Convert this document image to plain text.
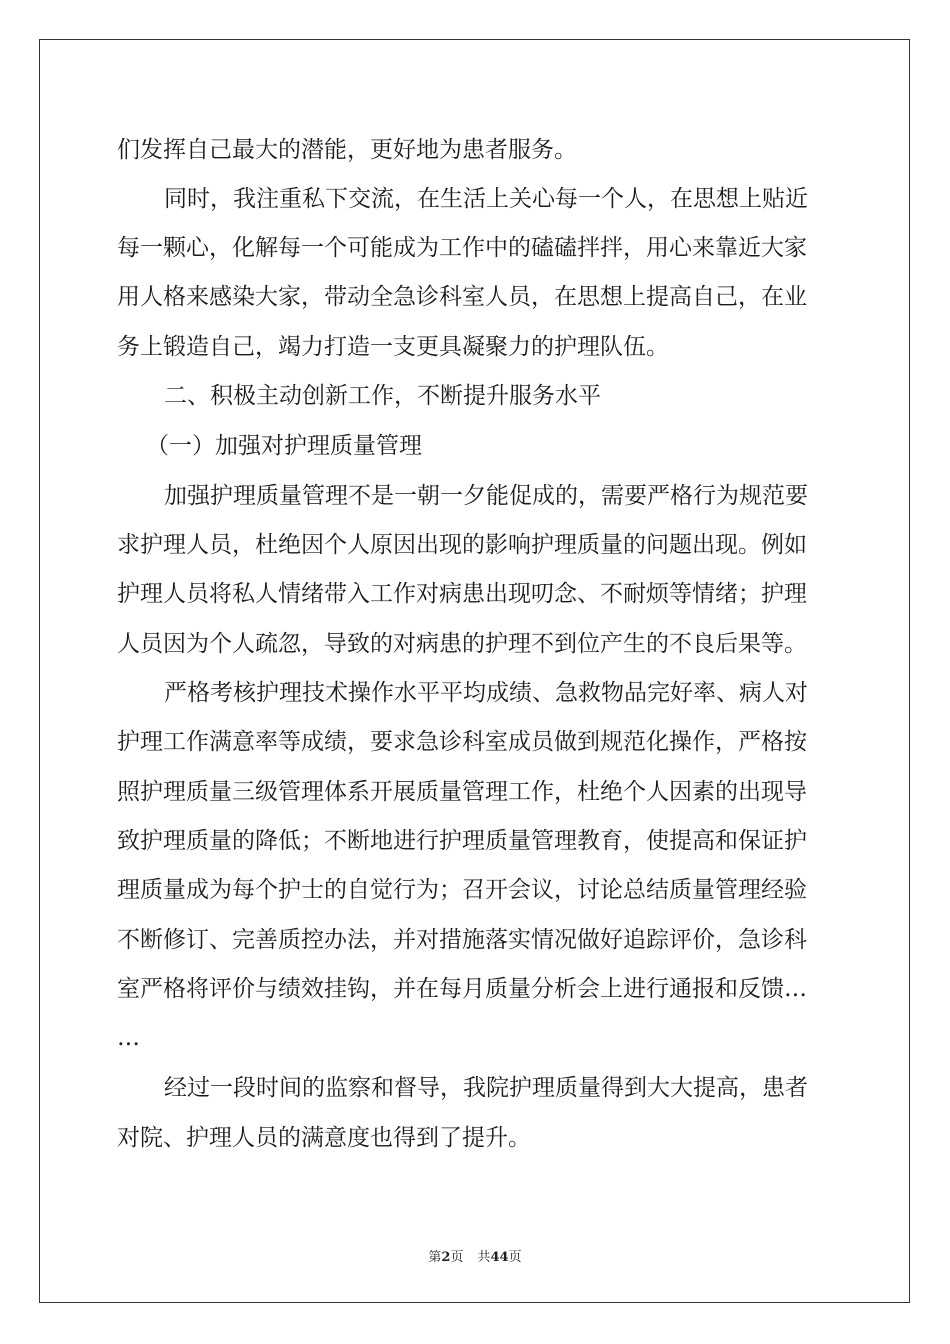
们发挥自己最大的潜能，更好地为患者服务。
同时，我注重私下交流，在生活上关心每一个人，在思想上贴近
每一颗心，化解每一个可能成为工作中的磕磕拌拌，用心来靠近大家
用人格来感染大家，带动全急诊科室人员，在思想上提高自己，在业
务上锻造自己，竭力打造一支更具凝聚力的护理队伍。
二、积极主动创新工作，不断提升服务水平
（一）加强对护理质量管理
加强护理质量管理不是一朝一夕能促成的，需要严格行为规范要
求护理人员，杜绝因个人原因出现的影响护理质量的问题出现。例如
护理人员将私人情绪带入工作对病患出现叨念、不耐烦等情绪；护理
人员因为个人疏忽，导致的对病患的护理不到位产生的不良后果等。
严格考核护理技术操作水平平均成绩、急救物品完好率、病人对
护理工作满意率等成绩，要求急诊科室成员做到规范化操作，严格按
照护理质量三级管理体系开展质量管理工作，杜绝个人因素的出现导
致护理质量的降低；不断地进行护理质量管理教育，使提高和保证护
理质量成为每个护士的自觉行为；召开会议，讨论总结质量管理经验
不断修订、完善质控办法，并对措施落实情况做好追踪评价，急诊科
室严格将评价与绩效挂钩，并在每月质量分析会上进行通报和反馈…
…
经过一段时间的监察和督导，我院护理质量得到大大提高，患者
对院、护理人员的满意度也得到了提升。
第2页 共44页
